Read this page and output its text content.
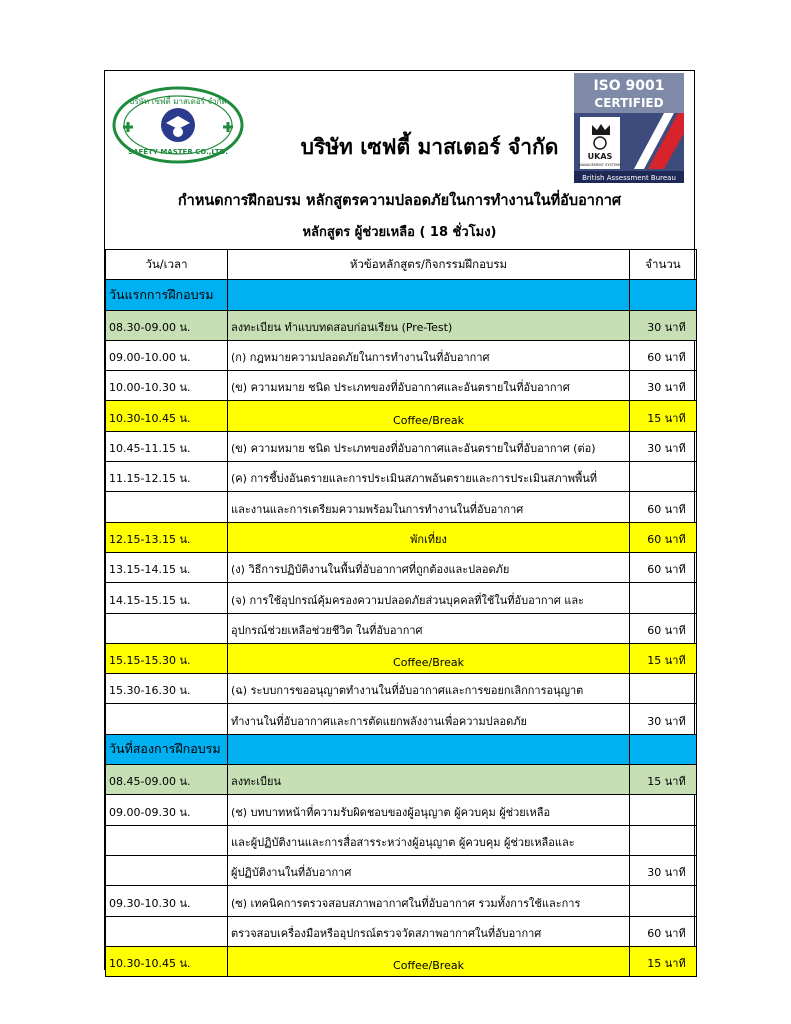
บริษัท เซฟตี้ มาสเตอร์ จำกัด
SAFETY MASTER CO.,LTD.
ISO 9001
CERTIFIED
UKAS
MANAGEMENT SYSTEMS
British Assessment Bureau
บริษัท เซฟตี้ มาสเตอร์ จำกัด
กำหนดการฝึกอบรม หลักสูตรความปลอดภัยในการทำงานในที่อับอากาศ
หลักสูตร ผู้ช่วยเหลือ ( 18 ชั่วโมง)
วัน/เวลา	หัวข้อหลักสูตร/กิจกรรมฝึกอบรม	จำนวน
วันแรกการฝึกอบรม		
08.30-09.00 น.	ลงทะเบียน ทำแบบทดสอบก่อนเรียน (Pre-Test)	30 นาที
09.00-10.00 น.	(ก) กฎหมายความปลอดภัยในการทำงานในที่อับอากาศ	60 นาที
10.00-10.30 น.	(ข) ความหมาย ชนิด ประเภทของที่อับอากาศและอันตรายในที่อับอากาศ	30 นาที
10.30-10.45 น.	Coffee/Break	15 นาที
10.45-11.15 น.	(ข) ความหมาย ชนิด ประเภทของที่อับอากาศและอันตรายในที่อับอากาศ (ต่อ)	30 นาที
11.15-12.15 น.	(ค) การชี้บ่งอันตรายและการประเมินสภาพอันตรายและการประเมินสภาพพื้นที่	
	และงานและการเตรียมความพร้อมในการทำงานในที่อับอากาศ	60 นาที
12.15-13.15 น.	พักเที่ยง	60 นาที
13.15-14.15 น.	(ง) วิธีการปฏิบัติงานในพื้นที่อับอากาศที่ถูกต้องและปลอดภัย	60 นาที
14.15-15.15 น.	(จ) การใช้อุปกรณ์คุ้มครองความปลอดภัยส่วนบุคคลที่ใช้ในที่อับอากาศ และ	
	อุปกรณ์ช่วยเหลือช่วยชีวิต ในที่อับอากาศ	60 นาที
15.15-15.30 น.	Coffee/Break	15 นาที
15.30-16.30 น.	(ฉ) ระบบการขออนุญาตทำงานในที่อับอากาศและการขอยกเลิกการอนุญาต	
	ทำงานในที่อับอากาศและการตัดแยกพลังงานเพื่อความปลอดภัย	30 นาที
วันที่สองการฝึกอบรม		
08.45-09.00 น.	ลงทะเบียน	15 นาที
09.00-09.30 น.	(ช) บทบาทหน้าที่ความรับผิดชอบของผู้อนุญาต ผู้ควบคุม ผู้ช่วยเหลือ	
	และผู้ปฏิบัติงานและการสื่อสารระหว่างผู้อนุญาต ผู้ควบคุม ผู้ช่วยเหลือและ	
	ผู้ปฏิบัติงานในที่อับอากาศ	30 นาที
09.30-10.30 น.	(ซ) เทคนิคการตรวจสอบสภาพอากาศในที่อับอากาศ รวมทั้งการใช้และการ	
	ตรวจสอบเครื่องมือหรืออุปกรณ์ตรวจวัดสภาพอากาศในที่อับอากาศ	60 นาที
10.30-10.45 น.	Coffee/Break	15 นาที
